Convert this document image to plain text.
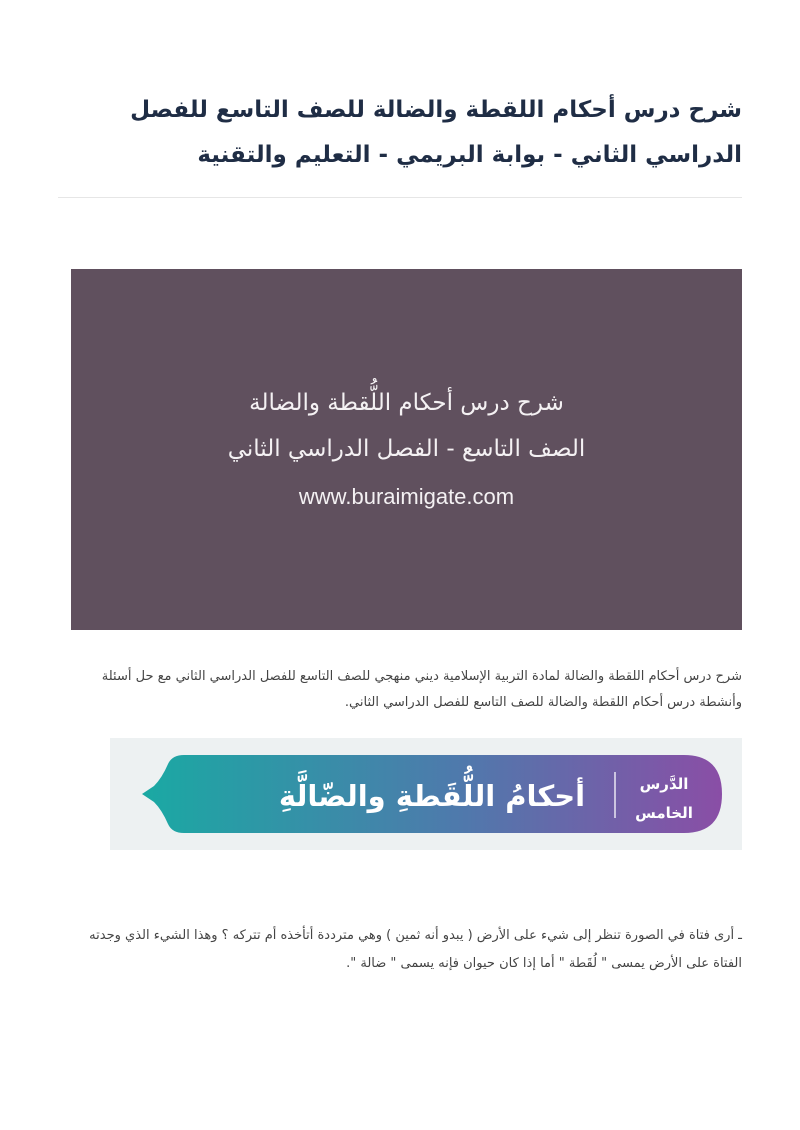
شرح درس أحكام اللقطة والضالة للصف التاسع للفصل الدراسي الثاني - بوابة البريمي - التعليم والتقنية
شرح درس أحكام اللُّقطة والضالة
الصف التاسع - الفصل الدراسي الثاني
www.buraimigate.com

شرح درس أحكام اللقطة والضالة لمادة التربية الإسلامية ديني منهجي للصف التاسع للفصل الدراسي الثاني مع حل أسئلة وأنشطة درس أحكام اللقطة والضالة للصف التاسع للفصل الدراسي الثاني.

الدَّرس
الخامس
أحكامُ اللُّقَطةِ والضّالَّةِ

ـ أرى فتاة في الصورة تنظر إلى شيء على الأرض ( يبدو أنه ثمين ) وهي مترددة أتأخذه أم تتركه ؟ وهذا الشيء الذي وجدته الفتاة على الأرض يمسى " لُقَطة " أما إذا كان حيوان فإنه يسمى " ضالة ".
